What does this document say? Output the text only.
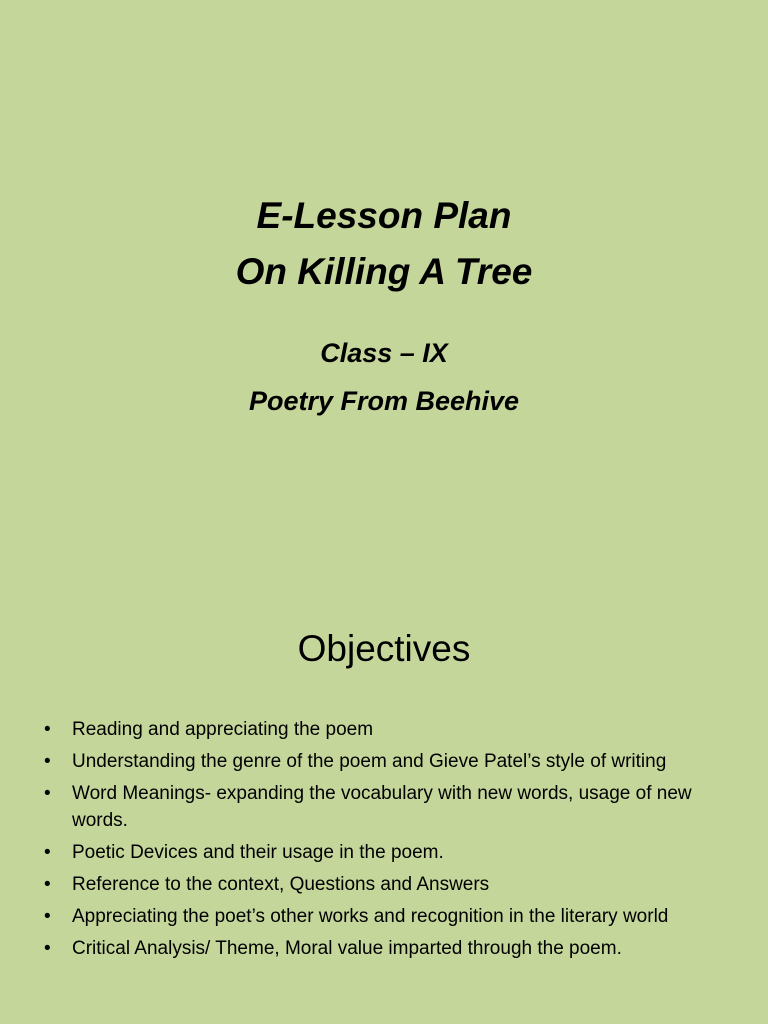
E-Lesson Plan
On Killing A Tree
Class – IX
Poetry From Beehive
Objectives
• Reading and appreciating the poem
• Understanding the genre of the poem and Gieve Patel’s style of writing
• Word Meanings- expanding the vocabulary with new words, usage of new words.
• Poetic Devices and their usage in the poem.
• Reference to the context, Questions and Answers
• Appreciating the poet’s other works and recognition in the literary world
• Critical Analysis/ Theme, Moral value imparted through the poem.
